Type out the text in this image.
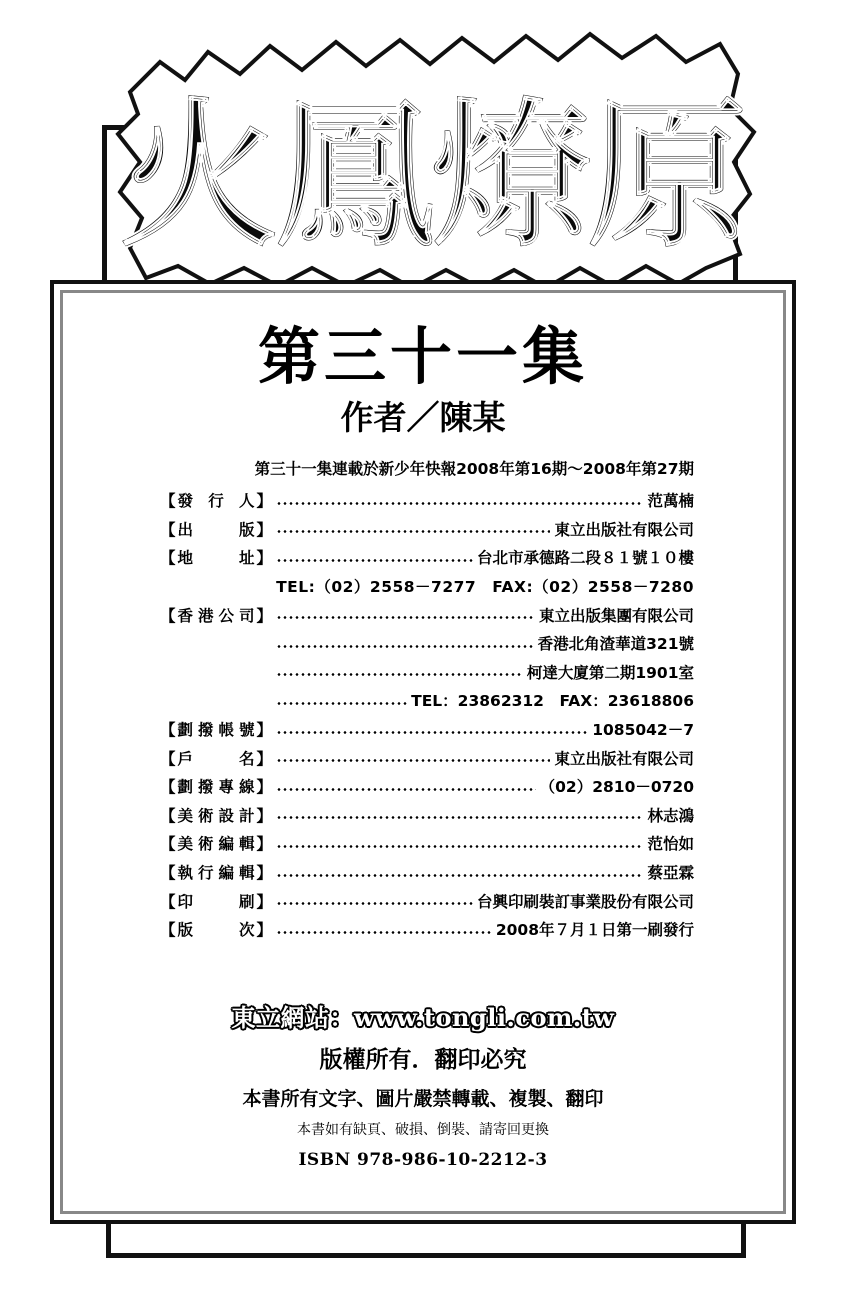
火鳳燎原
第三十一集
作者／陳某
第三十一集連載於新少年快報2008年第16期～2008年第27期
【 發 行 人 】	范萬楠
【 出 版 】	東立出版社有限公司
【 地 址 】	台北市承德路二段８１號１０樓
TEL:（02）2558－7277　FAX:（02）2558－7280
【 香港公司 】	東立出版集團有限公司
香港北角渣華道321號
柯達大廈第二期1901室
TEL：23862312　FAX：23618806
【 劃撥帳號 】	1085042－7
【 戶 名 】	東立出版社有限公司
【 劃撥專線 】	（02）2810－0720
【 美術設計 】	林志鴻
【 美術編輯 】	范怡如
【 執行編輯 】	蔡亞霖
【 印 刷 】	台興印刷裝訂事業股份有限公司
【 版 次 】	2008年７月１日第一刷發行
東立網站：www.tongli.com.tw
版權所有．翻印必究
本書所有文字、圖片嚴禁轉載、複製、翻印
本書如有缺頁、破損、倒裝、請寄回更換
ISBN 978-986-10-2212-3
